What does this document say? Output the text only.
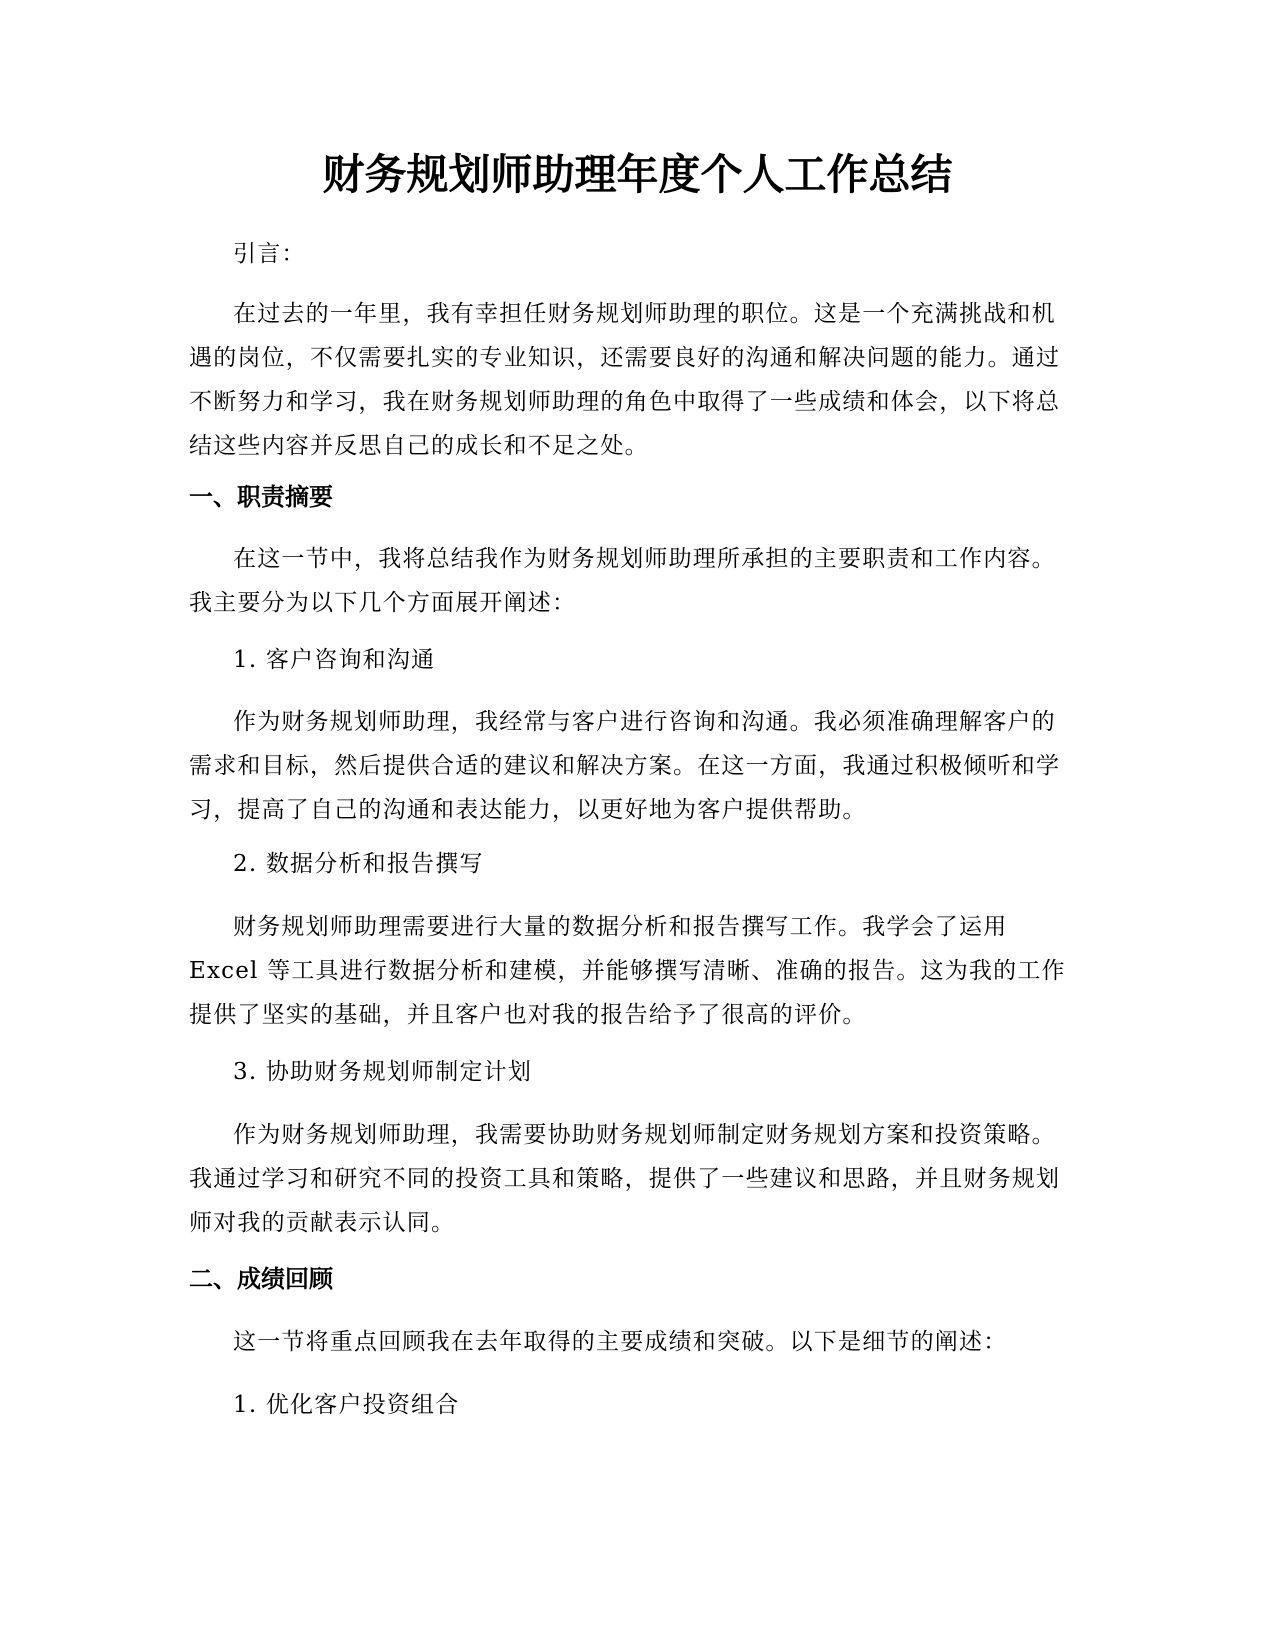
财务规划师助理年度个人工作总结

引言：

在过去的一年里，我有幸担任财务规划师助理的职位。这是一个充满挑战和机
遇的岗位，不仅需要扎实的专业知识，还需要良好的沟通和解决问题的能力。通过
不断努力和学习，我在财务规划师助理的角色中取得了一些成绩和体会，以下将总
结这些内容并反思自己的成长和不足之处。

一、职责摘要

在这一节中，我将总结我作为财务规划师助理所承担的主要职责和工作内容。
我主要分为以下几个方面展开阐述：

1. 客户咨询和沟通

作为财务规划师助理，我经常与客户进行咨询和沟通。我必须准确理解客户的
需求和目标，然后提供合适的建议和解决方案。在这一方面，我通过积极倾听和学
习，提高了自己的沟通和表达能力，以更好地为客户提供帮助。

2. 数据分析和报告撰写

财务规划师助理需要进行大量的数据分析和报告撰写工作。我学会了运用
Excel 等工具进行数据分析和建模，并能够撰写清晰、准确的报告。这为我的工作
提供了坚实的基础，并且客户也对我的报告给予了很高的评价。

3. 协助财务规划师制定计划

作为财务规划师助理，我需要协助财务规划师制定财务规划方案和投资策略。
我通过学习和研究不同的投资工具和策略，提供了一些建议和思路，并且财务规划
师对我的贡献表示认同。

二、成绩回顾

这一节将重点回顾我在去年取得的主要成绩和突破。以下是细节的阐述：

1. 优化客户投资组合
